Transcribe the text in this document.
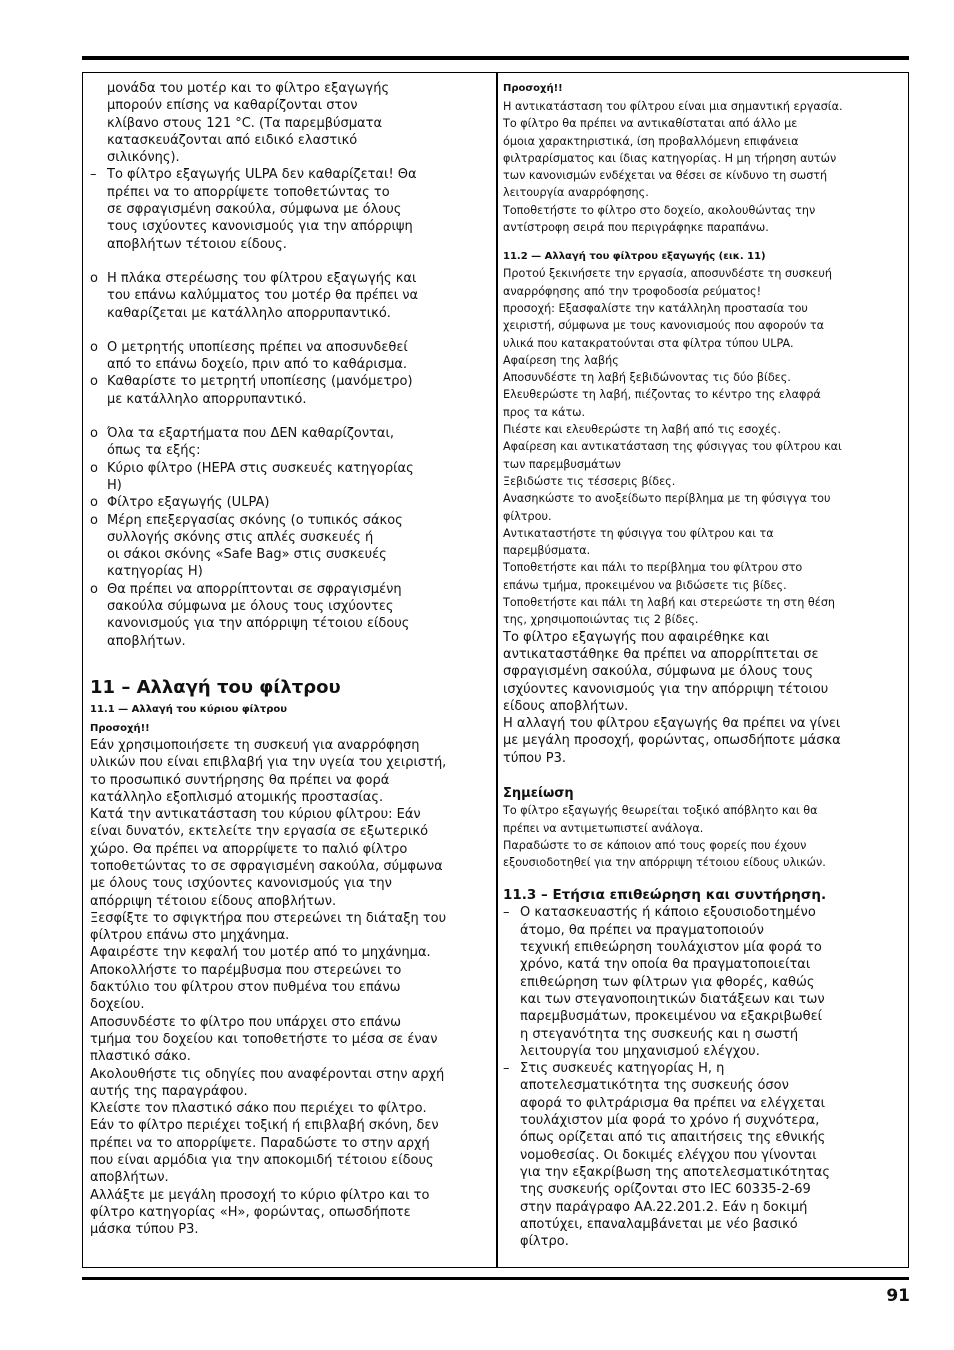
μονάδα του μοτέρ και το φίλτρο εξαγωγής
μπορούν επίσης να καθαρίζονται στον
κλίβανο στους 121 °C. (Τα παρεμβύσματα
κατασκευάζονται από ειδικό ελαστικό
σιλικόνης).
– Το φίλτρο εξαγωγής ULPA δεν καθαρίζεται! Θα
πρέπει να το απορρίψετε τοποθετώντας το
σε σφραγισμένη σακούλα, σύμφωνα με όλους
τους ισχύοντες κανονισμούς για την απόρριψη
αποβλήτων τέτοιου είδους.
o Η πλάκα στερέωσης του φίλτρου εξαγωγής και
του επάνω καλύμματος του μοτέρ θα πρέπει να
καθαρίζεται με κατάλληλο απορρυπαντικό.
o Ο μετρητής υποπίεσης πρέπει να αποσυνδεθεί
από το επάνω δοχείο, πριν από το καθάρισμα.
o Καθαρίστε το μετρητή υποπίεσης (μανόμετρο)
με κατάλληλο απορρυπαντικό.
o Όλα τα εξαρτήματα που ΔΕΝ καθαρίζονται,
όπως τα εξής:
o Κύριο φίλτρο (HEPA στις συσκευές κατηγορίας
H)
o Φίλτρο εξαγωγής (ULPA)
o Μέρη επεξεργασίας σκόνης (ο τυπικός σάκος
συλλογής σκόνης στις απλές συσκευές ή
οι σάκοι σκόνης «Safe Bag» στις συσκευές
κατηγορίας H)
o Θα πρέπει να απορρίπτονται σε σφραγισμένη
σακούλα σύμφωνα με όλους τους ισχύοντες
κανονισμούς για την απόρριψη τέτοιου είδους
αποβλήτων.
11 – Αλλαγή του φίλτρου
11.1 — Αλλαγή του κύριου φίλτρου
Προσοχή!!
Εάν χρησιμοποιήσετε τη συσκευή για αναρρόφηση
υλικών που είναι επιβλαβή για την υγεία του χειριστή,
το προσωπικό συντήρησης θα πρέπει να φορά
κατάλληλο εξοπλισμό ατομικής προστασίας.
Κατά την αντικατάσταση του κύριου φίλτρου: Εάν
είναι δυνατόν, εκτελείτε την εργασία σε εξωτερικό
χώρο. Θα πρέπει να απορρίψετε το παλιό φίλτρο
τοποθετώντας το σε σφραγισμένη σακούλα, σύμφωνα
με όλους τους ισχύοντες κανονισμούς για την
απόρριψη τέτοιου είδους αποβλήτων.
Ξεσφίξτε το σφιγκτήρα που στερεώνει τη διάταξη του
φίλτρου επάνω στο μηχάνημα.
Αφαιρέστε την κεφαλή του μοτέρ από το μηχάνημα.
Αποκολλήστε το παρέμβυσμα που στερεώνει το
δακτύλιο του φίλτρου στον πυθμένα του επάνω
δοχείου.
Αποσυνδέστε το φίλτρο που υπάρχει στο επάνω
τμήμα του δοχείου και τοποθετήστε το μέσα σε έναν
πλαστικό σάκο.
Ακολουθήστε τις οδηγίες που αναφέρονται στην αρχή
αυτής της παραγράφου.
Κλείστε τον πλαστικό σάκο που περιέχει το φίλτρο.
Εάν το φίλτρο περιέχει τοξική ή επιβλαβή σκόνη, δεν
πρέπει να το απορρίψετε. Παραδώστε το στην αρχή
που είναι αρμόδια για την αποκομιδή τέτοιου είδους
αποβλήτων.
Αλλάξτε με μεγάλη προσοχή το κύριο φίλτρο και το
φίλτρο κατηγορίας «H», φορώντας, οπωσδήποτε
μάσκα τύπου P3.
Προσοχή!!
Η αντικατάσταση του φίλτρου είναι μια σημαντική εργασία.
Το φίλτρο θα πρέπει να αντικαθίσταται από άλλο με
όμοια χαρακτηριστικά, ίση προβαλλόμενη επιφάνεια
φιλτραρίσματος και ίδιας κατηγορίας. Η μη τήρηση αυτών
των κανονισμών ενδέχεται να θέσει σε κίνδυνο τη σωστή
λειτουργία αναρρόφησης.
Τοποθετήστε το φίλτρο στο δοχείο, ακολουθώντας την
αντίστροφη σειρά που περιγράφηκε παραπάνω.
11.2 — Αλλαγή του φίλτρου εξαγωγής (εικ. 11)
Προτού ξεκινήσετε την εργασία, αποσυνδέστε τη συσκευή
αναρρόφησης από την τροφοδοσία ρεύματος!
προσοχή: Εξασφαλίστε την κατάλληλη προστασία του
χειριστή, σύμφωνα με τους κανονισμούς που αφορούν τα
υλικά που κατακρατούνται στα φίλτρα τύπου ULPA.
Αφαίρεση της λαβής
Αποσυνδέστε τη λαβή ξεβιδώνοντας τις δύο βίδες.
Ελευθερώστε τη λαβή, πιέζοντας το κέντρο της ελαφρά
προς τα κάτω.
Πιέστε και ελευθερώστε τη λαβή από τις εσοχές.
Αφαίρεση και αντικατάσταση της φύσιγγας του φίλτρου και
των παρεμβυσμάτων
Ξεβιδώστε τις τέσσερις βίδες.
Ανασηκώστε το ανοξείδωτο περίβλημα με τη φύσιγγα του
φίλτρου.
Αντικαταστήστε τη φύσιγγα του φίλτρου και τα
παρεμβύσματα.
Τοποθετήστε και πάλι το περίβλημα του φίλτρου στο
επάνω τμήμα, προκειμένου να βιδώσετε τις βίδες.
Τοποθετήστε και πάλι τη λαβή και στερεώστε τη στη θέση
της, χρησιμοποιώντας τις 2 βίδες.
Το φίλτρο εξαγωγής που αφαιρέθηκε και
αντικαταστάθηκε θα πρέπει να απορρίπτεται σε
σφραγισμένη σακούλα, σύμφωνα με όλους τους
ισχύοντες κανονισμούς για την απόρριψη τέτοιου
είδους αποβλήτων.
Η αλλαγή του φίλτρου εξαγωγής θα πρέπει να γίνει
με μεγάλη προσοχή, φορώντας, οπωσδήποτε μάσκα
τύπου P3.
Σημείωση
Το φίλτρο εξαγωγής θεωρείται τοξικό απόβλητο και θα
πρέπει να αντιμετωπιστεί ανάλογα.
Παραδώστε το σε κάποιον από τους φορείς που έχουν
εξουσιοδοτηθεί για την απόρριψη τέτοιου είδους υλικών.
11.3 – Ετήσια επιθεώρηση και συντήρηση.
– Ο κατασκευαστής ή κάποιο εξουσιοδοτημένο
άτομο, θα πρέπει να πραγματοποιούν
τεχνική επιθεώρηση τουλάχιστον μία φορά το
χρόνο, κατά την οποία θα πραγματοποιείται
επιθεώρηση των φίλτρων για φθορές, καθώς
και των στεγανοποιητικών διατάξεων και των
παρεμβυσμάτων, προκειμένου να εξακριβωθεί
η στεγανότητα της συσκευής και η σωστή
λειτουργία του μηχανισμού ελέγχου.
– Στις συσκευές κατηγορίας H, η
αποτελεσματικότητα της συσκευής όσον
αφορά το φιλτράρισμα θα πρέπει να ελέγχεται
τουλάχιστον μία φορά το χρόνο ή συχνότερα,
όπως ορίζεται από τις απαιτήσεις της εθνικής
νομοθεσίας. Οι δοκιμές ελέγχου που γίνονται
για την εξακρίβωση της αποτελεσματικότητας
της συσκευής ορίζονται στο IEC 60335-2-69
στην παράγραφο AA.22.201.2. Εάν η δοκιμή
αποτύχει, επαναλαμβάνεται με νέο βασικό
φίλτρο.
91
